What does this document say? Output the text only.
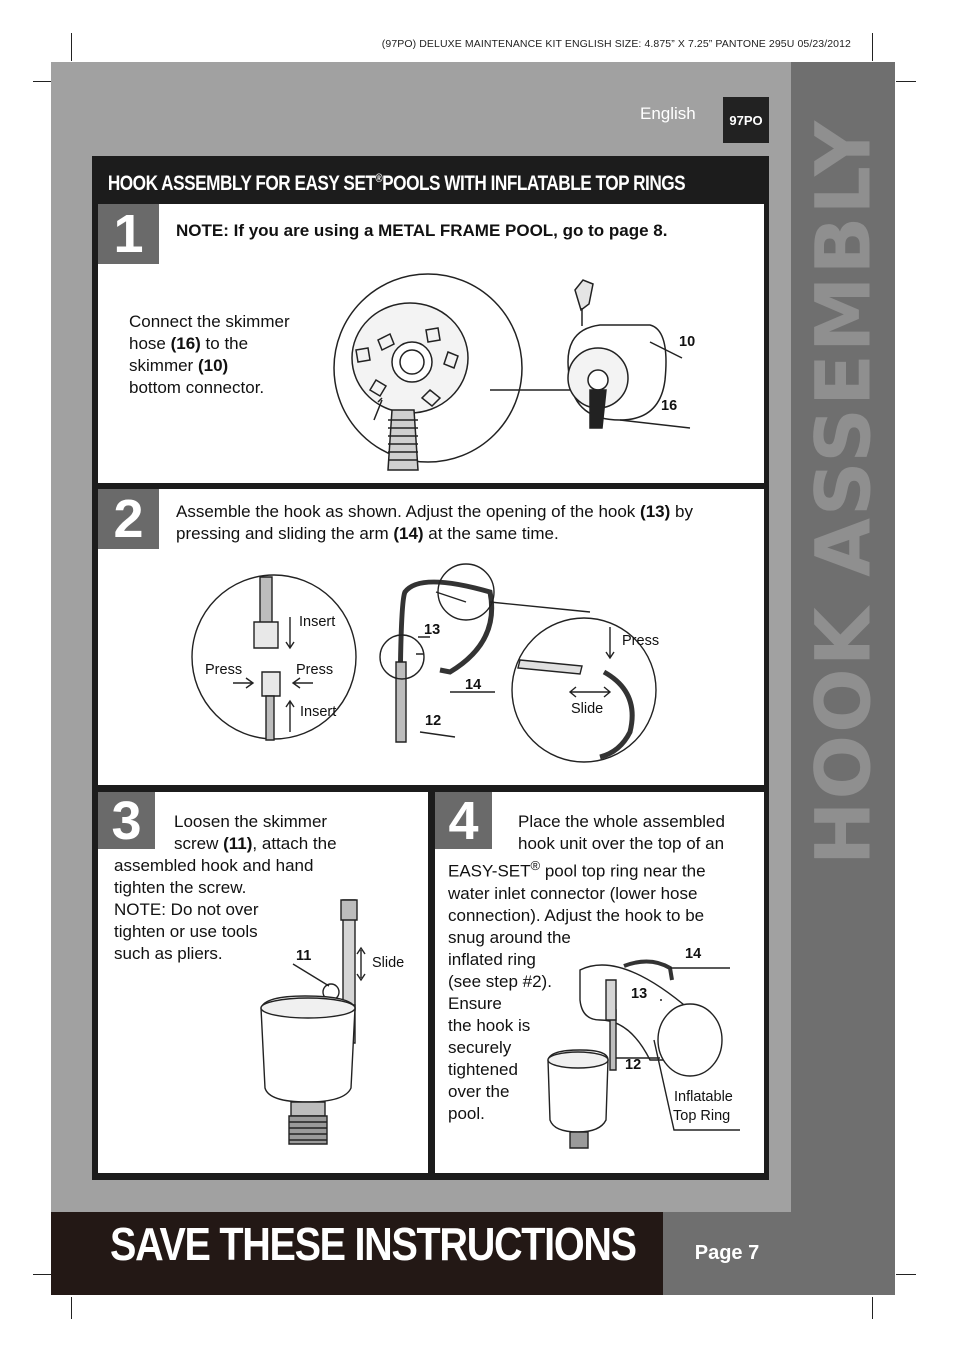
(97PO) DELUXE MAINTENANCE KIT ENGLISH SIZE: 4.875” X 7.25” PANTONE 295U 05/23/2012
HOOK ASSEMBLY
English	97PO
HOOK ASSEMBLY FOR EASY SET®POOLS WITH INFLATABLE TOP RINGS
1	NOTE: If you are using a METAL FRAME POOL, go to page 8.
Connect the skimmer
hose (16) to the
skimmer (10)
bottom connector.
10
16
2	Assemble the hook as shown. Adjust the opening of the hook (13) by
pressing and sliding the arm (14) at the same time.
Insert
Press	Press
Insert
13
14
12
Press
Slide
3	Loosen the skimmer
screw (11), attach the
assembled hook and hand
tighten the screw.
NOTE: Do not over
tighten or use tools
such as pliers.	11	Slide
4	Place the whole assembled
hook unit over the top of an
EASY-SET® pool top ring near the
water inlet connector (lower hose
connection). Adjust the hook to be
snug around the
inflated ring
(see step #2).
Ensure
the hook is
securely
tightened
over the
pool.
14
13
12
Inflatable
Top Ring
SAVE THESE INSTRUCTIONS	Page 7
